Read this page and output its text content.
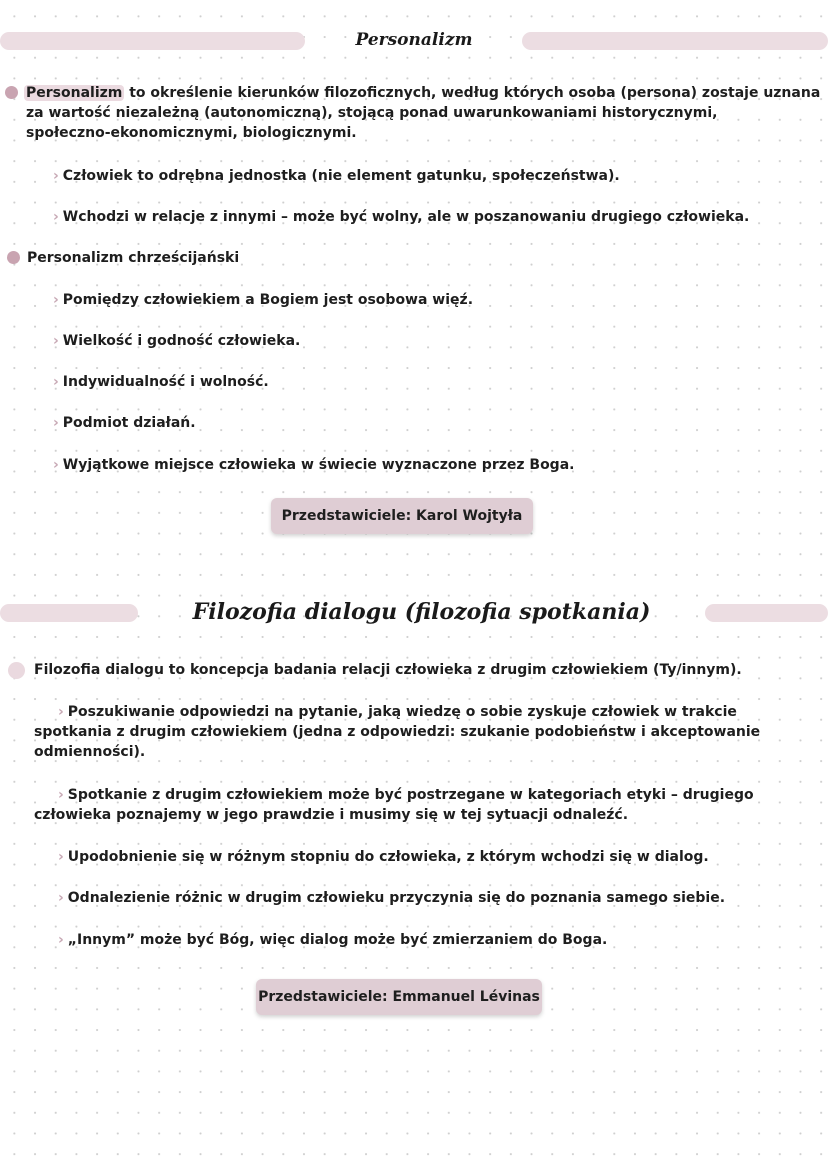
Personalizm
Personalizm to określenie kierunków filozoficznych, według których osoba (persona) zostaje uznana
za wartość niezależną (autonomiczną), stojącą ponad uwarunkowaniami historycznymi,
społeczno-ekonomicznymi, biologicznymi.
› Człowiek to odrębna jednostka (nie element gatunku, społeczeństwa).
› Wchodzi w relacje z innymi – może być wolny, ale w poszanowaniu drugiego człowieka.
Personalizm chrześcijański
› Pomiędzy człowiekiem a Bogiem jest osobowa więź.
› Wielkość i godność człowieka.
› Indywidualność i wolność.
› Podmiot działań.
› Wyjątkowe miejsce człowieka w świecie wyznaczone przez Boga.
Przedstawiciele: Karol Wojtyła
Filozofia dialogu (filozofia spotkania)
Filozofia dialogu to koncepcja badania relacji człowieka z drugim człowiekiem (Ty/innym).
› Poszukiwanie odpowiedzi na pytanie, jaką wiedzę o sobie zyskuje człowiek w trakcie
spotkania z drugim człowiekiem (jedna z odpowiedzi: szukanie podobieństw i akceptowanie
odmienności).
› Spotkanie z drugim człowiekiem może być postrzegane w kategoriach etyki – drugiego
człowieka poznajemy w jego prawdzie i musimy się w tej sytuacji odnaleźć.
› Upodobnienie się w różnym stopniu do człowieka, z którym wchodzi się w dialog.
› Odnalezienie różnic w drugim człowieku przyczynia się do poznania samego siebie.
› „Innym” może być Bóg, więc dialog może być zmierzaniem do Boga.
Przedstawiciele: Emmanuel Lévinas
